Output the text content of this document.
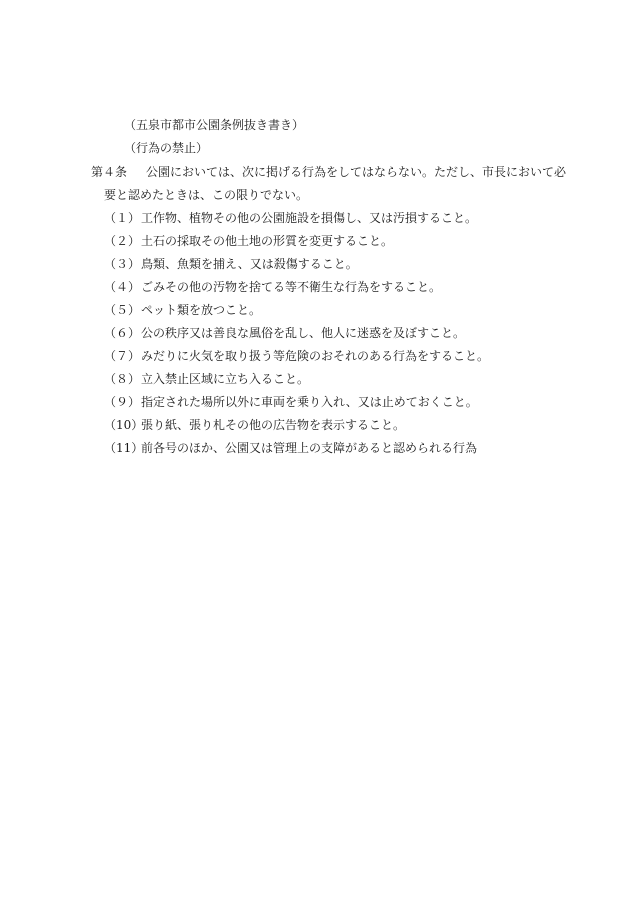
（五泉市都市公園条例抜き書き）
（行為の禁止）
第４条 公園においては、次に掲げる行為をしてはならない。ただし、市長において必
要と認めたときは、この限りでない。
（１） 工作物、植物その他の公園施設を損傷し、又は汚損すること。
（２） 土石の採取その他土地の形質を変更すること。
（３） 鳥類、魚類を捕え、又は殺傷すること。
（４） ごみその他の汚物を捨てる等不衛生な行為をすること。
（５） ペット類を放つこと。
（６） 公の秩序又は善良な風俗を乱し、他人に迷惑を及ぼすこと。
（７） みだりに火気を取り扱う等危険のおそれのある行為をすること。
（８） 立入禁止区域に立ち入ること。
（９） 指定された場所以外に車両を乗り入れ、又は止めておくこと。
（10）
張り紙、張り札その他の広告物を表示すること。
（11）
前各号のほか、公園又は管理上の支障があると認められる行為
